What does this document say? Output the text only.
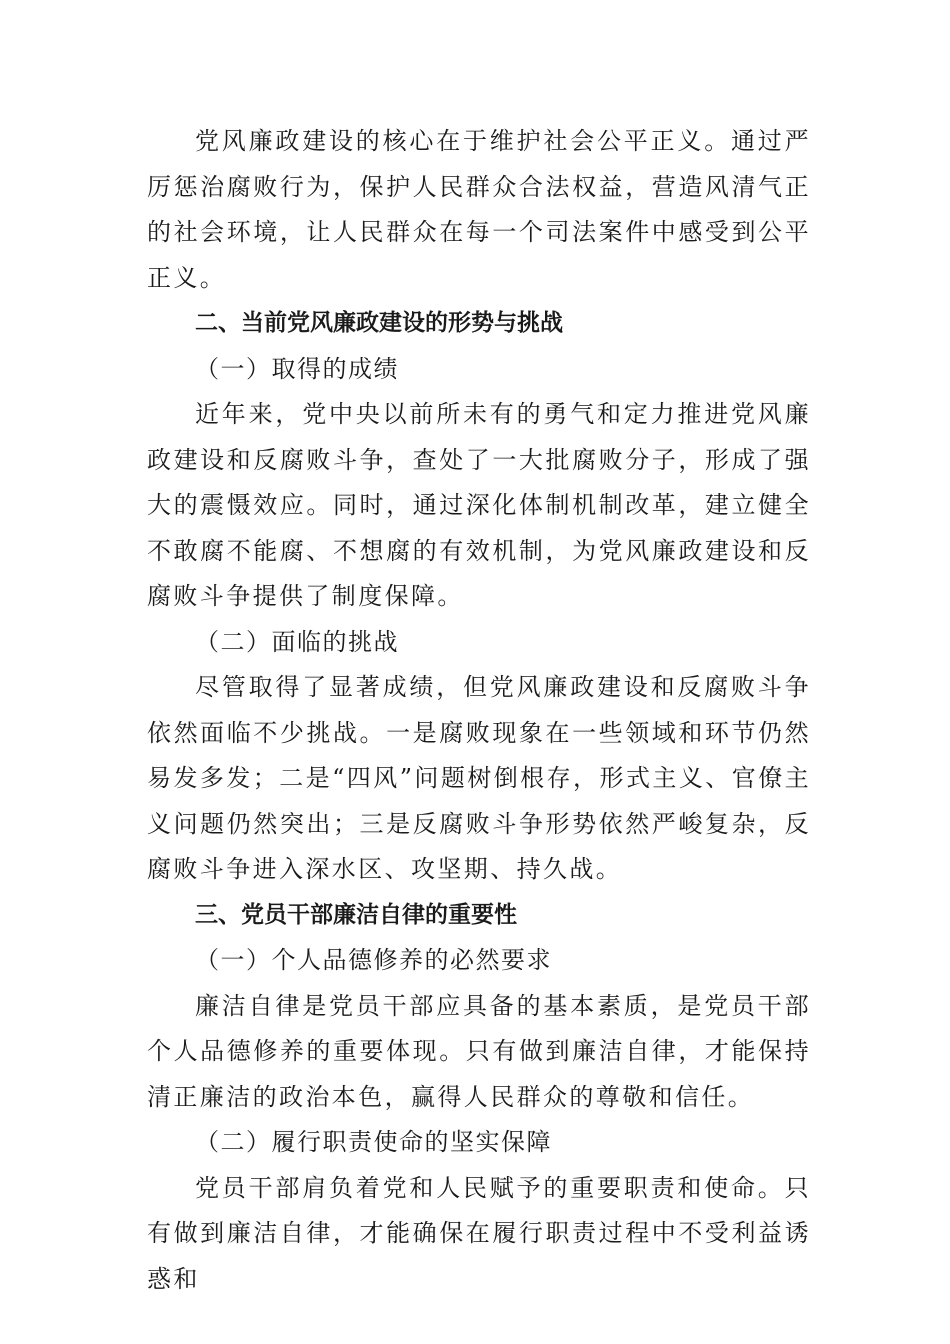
党风廉政建设的核心在于维护社会公平正义。通过严厉惩治腐败行为，保护人民群众合法权益，营造风清气正的社会环境，让人民群众在每一个司法案件中感受到公平正义。

二、当前党风廉政建设的形势与挑战

（一）取得的成绩

近年来，党中央以前所未有的勇气和定力推进党风廉政建设和反腐败斗争，查处了一大批腐败分子，形成了强大的震慑效应。同时，通过深化体制机制改革，建立健全不敢腐不能腐、不想腐的有效机制，为党风廉政建设和反腐败斗争提供了制度保障。

（二）面临的挑战

尽管取得了显著成绩，但党风廉政建设和反腐败斗争依然面临不少挑战。一是腐败现象在一些领域和环节仍然易发多发；二是“四风”问题树倒根存，形式主义、官僚主义问题仍然突出；三是反腐败斗争形势依然严峻复杂，反腐败斗争进入深水区、攻坚期、持久战。

三、党员干部廉洁自律的重要性

（一）个人品德修养的必然要求

廉洁自律是党员干部应具备的基本素质，是党员干部个人品德修养的重要体现。只有做到廉洁自律，才能保持清正廉洁的政治本色，赢得人民群众的尊敬和信任。

（二）履行职责使命的坚实保障

党员干部肩负着党和人民赋予的重要职责和使命。只有做到廉洁自律，才能确保在履行职责过程中不受利益诱惑和
